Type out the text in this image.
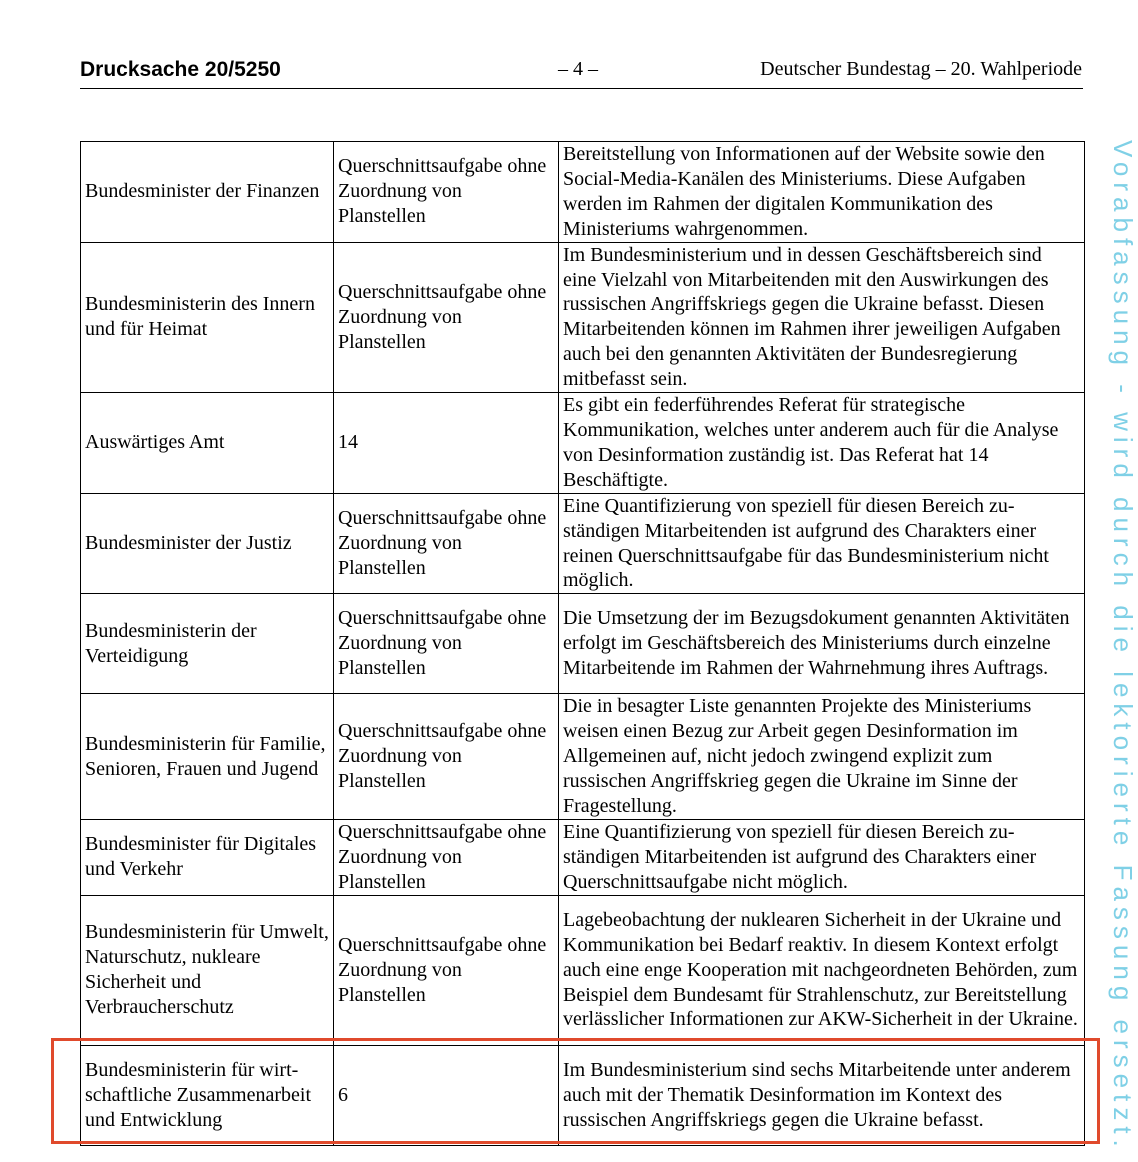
Drucksache 20/5250	– 4 –	Deutscher Bundestag – 20. Wahlperiode
Bundesminister der Finanzen	Querschnittsaufgabe ohne Zuordnung von Planstellen	Bereitstellung von Informationen auf der Website sowie den Social-Media-Kanälen des Ministeriums. Diese Aufgaben werden im Rahmen der digitalen Kommunikation des Ministeriums wahrgenommen.
Bundesministerin des Innern und für Heimat	Querschnittsaufgabe ohne Zuordnung von Planstellen	Im Bundesministerium und in dessen Geschäftsbereich sind eine Vielzahl von Mitarbeitenden mit den Auswirkungen des russischen Angriffskriegs gegen die Ukraine befasst. Diesen Mitarbeitenden können im Rahmen ihrer jeweiligen Aufgaben auch bei den genannten Aktivitäten der Bundesregierung mitbefasst sein.
Auswärtiges Amt	14	Es gibt ein federführendes Referat für strategische Kommunikation, welches unter anderem auch für die Analyse von Desinformation zuständig ist. Das Referat hat 14 Beschäftigte.
Bundesminister der Justiz	Querschnittsaufgabe ohne Zuordnung von Planstellen	Eine Quantifizierung von speziell für diesen Bereich zuständigen Mitarbeitenden ist aufgrund des Charakters einer reinen Querschnittsaufgabe für das Bundesministerium nicht möglich.
Bundesministerin der Verteidigung	Querschnittsaufgabe ohne Zuordnung von Planstellen	Die Umsetzung der im Bezugsdokument genannten Aktivitäten erfolgt im Geschäftsbereich des Ministeriums durch einzelne Mitarbeitende im Rahmen der Wahrnehmung ihres Auftrags.
Bundesministerin für Familie, Senioren, Frauen und Jugend	Querschnittsaufgabe ohne Zuordnung von Planstellen	Die in besagter Liste genannten Projekte des Ministeriums weisen einen Bezug zur Arbeit gegen Desinformation im Allgemeinen auf, nicht jedoch zwingend explizit zum russischen Angriffskrieg gegen die Ukraine im Sinne der Fragestellung.
Bundesminister für Digitales und Verkehr	Querschnittsaufgabe ohne Zuordnung von Planstellen	Eine Quantifizierung von speziell für diesen Bereich zuständigen Mitarbeitenden ist aufgrund des Charakters einer Querschnittsaufgabe nicht möglich.
Bundesministerin für Umwelt, Naturschutz, nukleare Sicherheit und Verbraucherschutz	Querschnittsaufgabe ohne Zuordnung von Planstellen	Lagebeobachtung der nuklearen Sicherheit in der Ukraine und Kommunikation bei Bedarf reaktiv. In diesem Kontext erfolgt auch eine enge Kooperation mit nachgeordneten Behörden, zum Beispiel dem Bundesamt für Strahlenschutz, zur Bereitstellung verlässlicher Informationen zur AKW-Sicherheit in der Ukraine.
Bundesministerin für wirtschaftliche Zusammenarbeit und Entwicklung	6	Im Bundesministerium sind sechs Mitarbeitende unter anderem auch mit der Thematik Desinformation im Kontext des russischen Angriffskriegs gegen die Ukraine befasst.	Vorabfassung - wird durch die lektorierte Fassung ersetzt.
